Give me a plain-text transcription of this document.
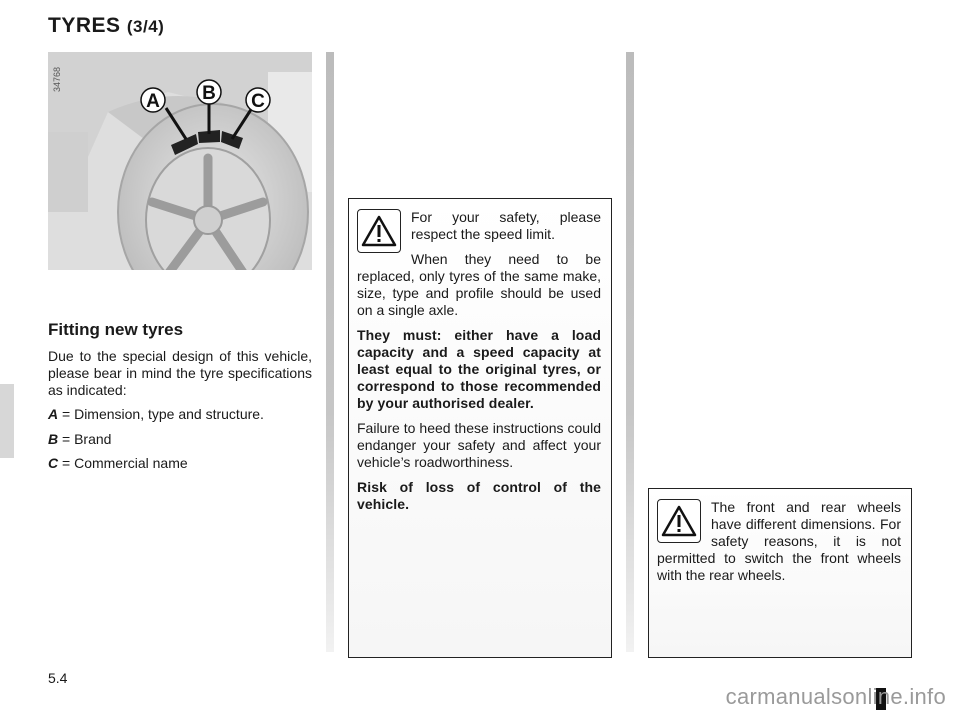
TYRES (3/4)
A B C
34768
Fitting new tyres
Due to the special design of this vehicle, please bear in mind the tyre specifications as indicated:
A = Dimension, type and structure.
B = Brand
C = Commercial name

For your safety, please respect the speed limit.

When they need to be replaced, only tyres of the same make, size, type and profile should be used on a single axle.

They must: either have a load capacity and a speed capacity at least equal to the original tyres, or correspond to those recommended by your authorised dealer.

Failure to heed these instructions could endanger your safety and affect your vehicle’s roadworthiness.

Risk of loss of control of the vehicle.	The front and rear wheels have different dimensions. For safety reasons, it is not permitted to switch the front wheels with the rear wheels.

5.4
carmanualsonline.info
